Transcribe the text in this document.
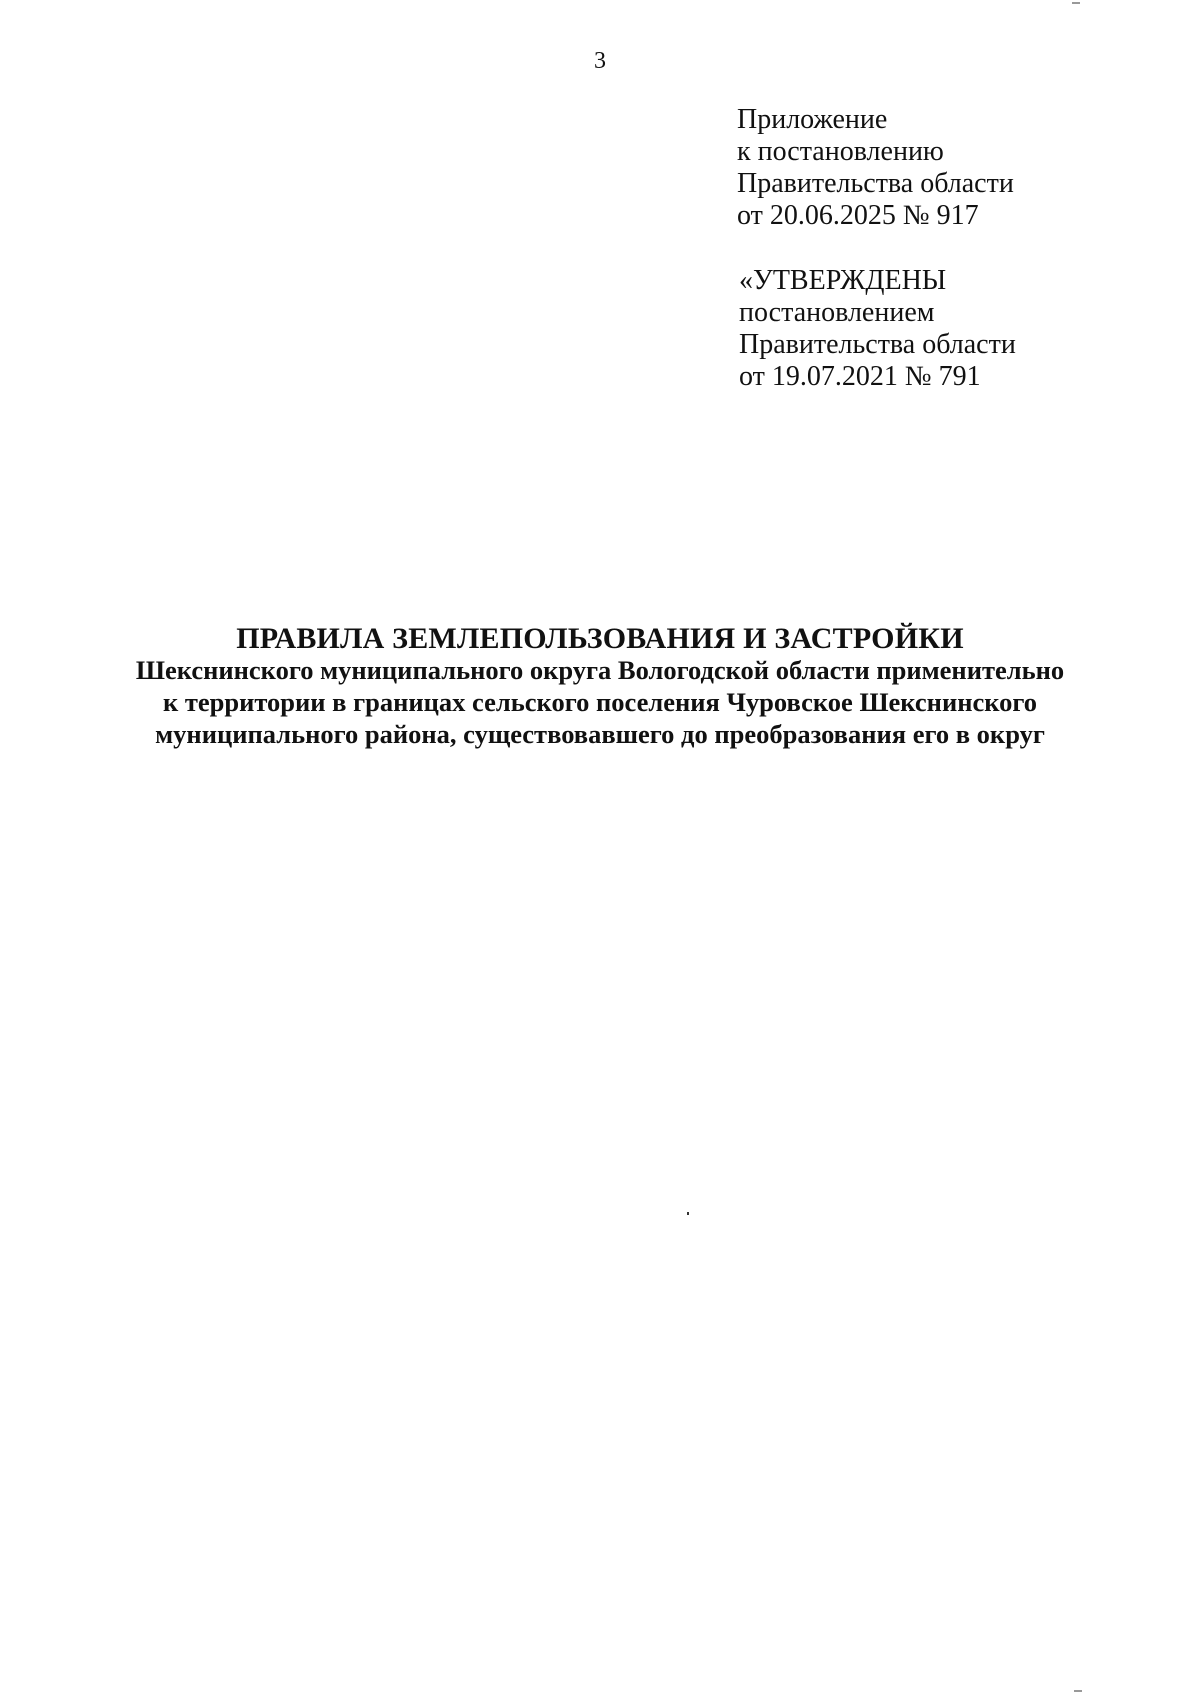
3
Приложение
к постановлению
Правительства области
от 20.06.2025 № 917
«УТВЕРЖДЕНЫ
постановлением
Правительства области
от 19.07.2021 № 791
ПРАВИЛА ЗЕМЛЕПОЛЬЗОВАНИЯ И ЗАСТРОЙКИ
Шекснинского муниципального округа Вологодской области применительно
к территории в границах сельского поселения Чуровское Шекснинского
муниципального района, существовавшего до преобразования его в округ
